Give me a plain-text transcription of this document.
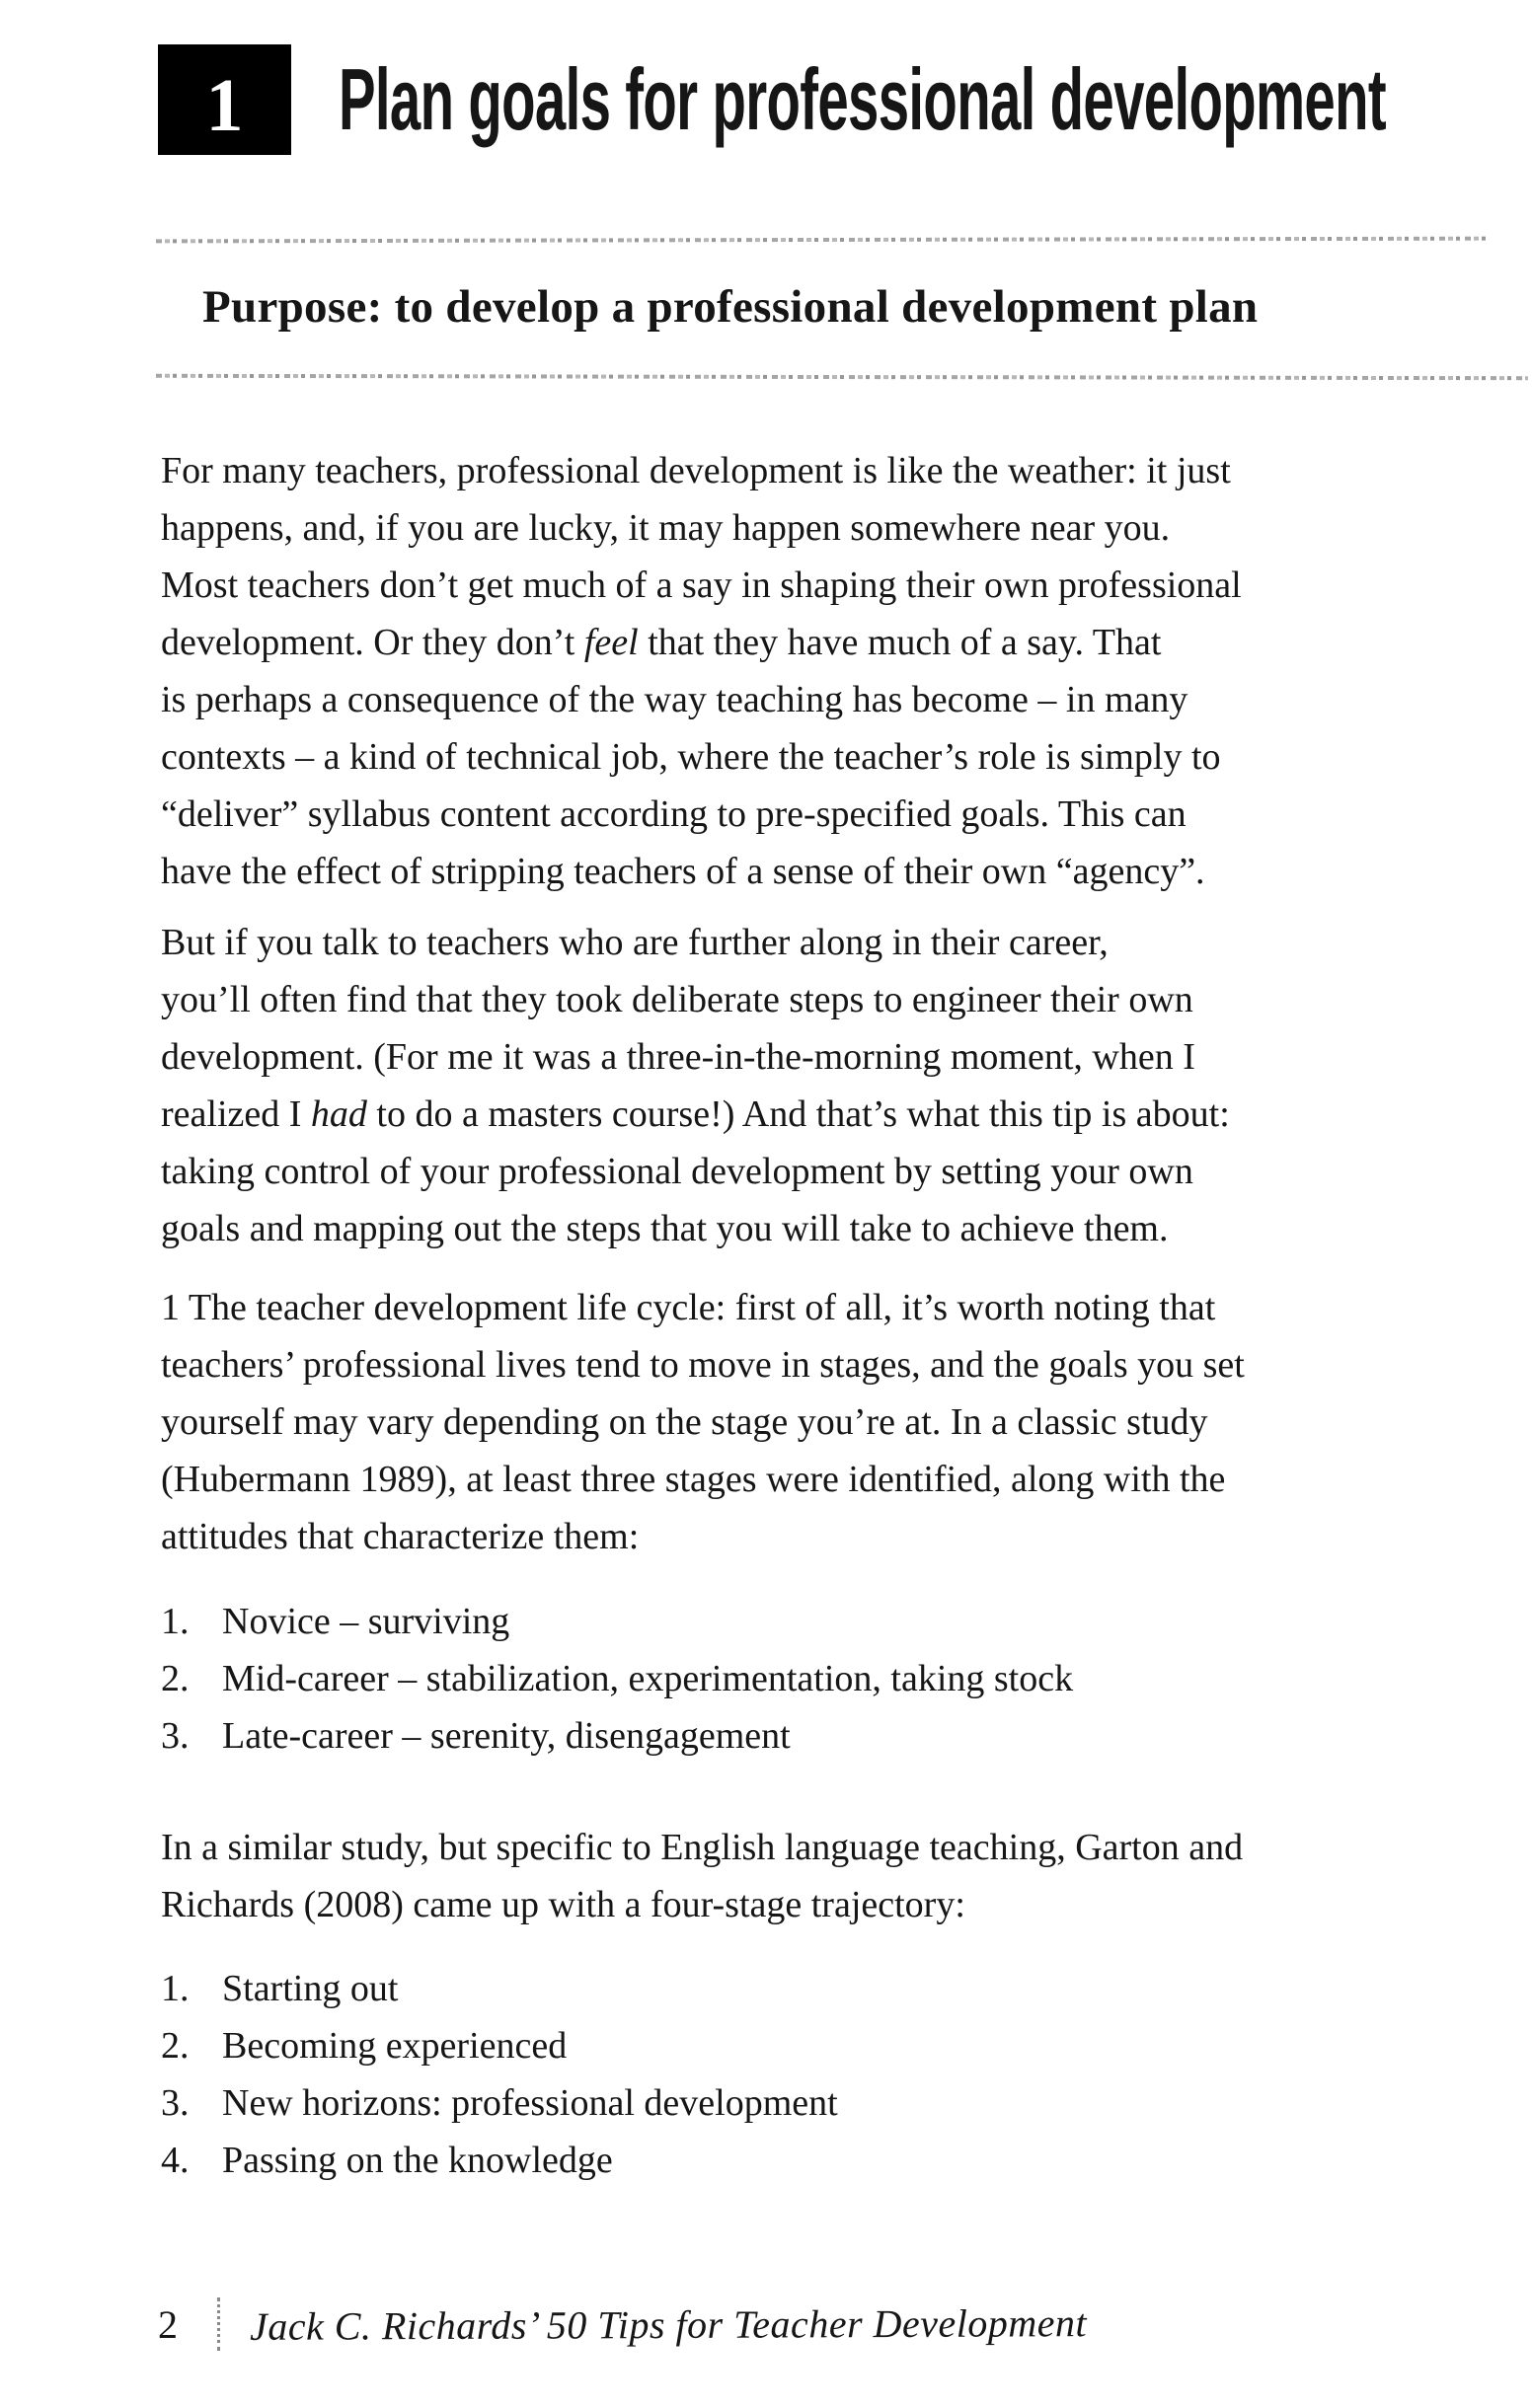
1 Plan goals for professional development
Purpose: to develop a professional development plan
For many teachers, professional development is like the weather: it just
happens, and, if you are lucky, it may happen somewhere near you.
Most teachers don’t get much of a say in shaping their own professional
development. Or they don’t feel that they have much of a say. That
is perhaps a consequence of the way teaching has become – in many
contexts – a kind of technical job, where the teacher’s role is simply to
“deliver” syllabus content according to pre-specified goals. This can
have the effect of stripping teachers of a sense of their own “agency”.
But if you talk to teachers who are further along in their career,
you’ll often find that they took deliberate steps to engineer their own
development. (For me it was a three-in-the-morning moment, when I
realized I had to do a masters course!) And that’s what this tip is about:
taking control of your professional development by setting your own
goals and mapping out the steps that you will take to achieve them.
1 The teacher development life cycle: first of all, it’s worth noting that
teachers’ professional lives tend to move in stages, and the goals you set
yourself may vary depending on the stage you’re at. In a classic study
(Hubermann 1989), at least three stages were identified, along with the
attitudes that characterize them:
1. Novice – surviving
2. Mid-career – stabilization, experimentation, taking stock
3. Late-career – serenity, disengagement
In a similar study, but specific to English language teaching, Garton and
Richards (2008) came up with a four-stage trajectory:
1. Starting out
2. Becoming experienced
3. New horizons: professional development
4. Passing on the knowledge
2 Jack C. Richards’ 50 Tips for Teacher Development
